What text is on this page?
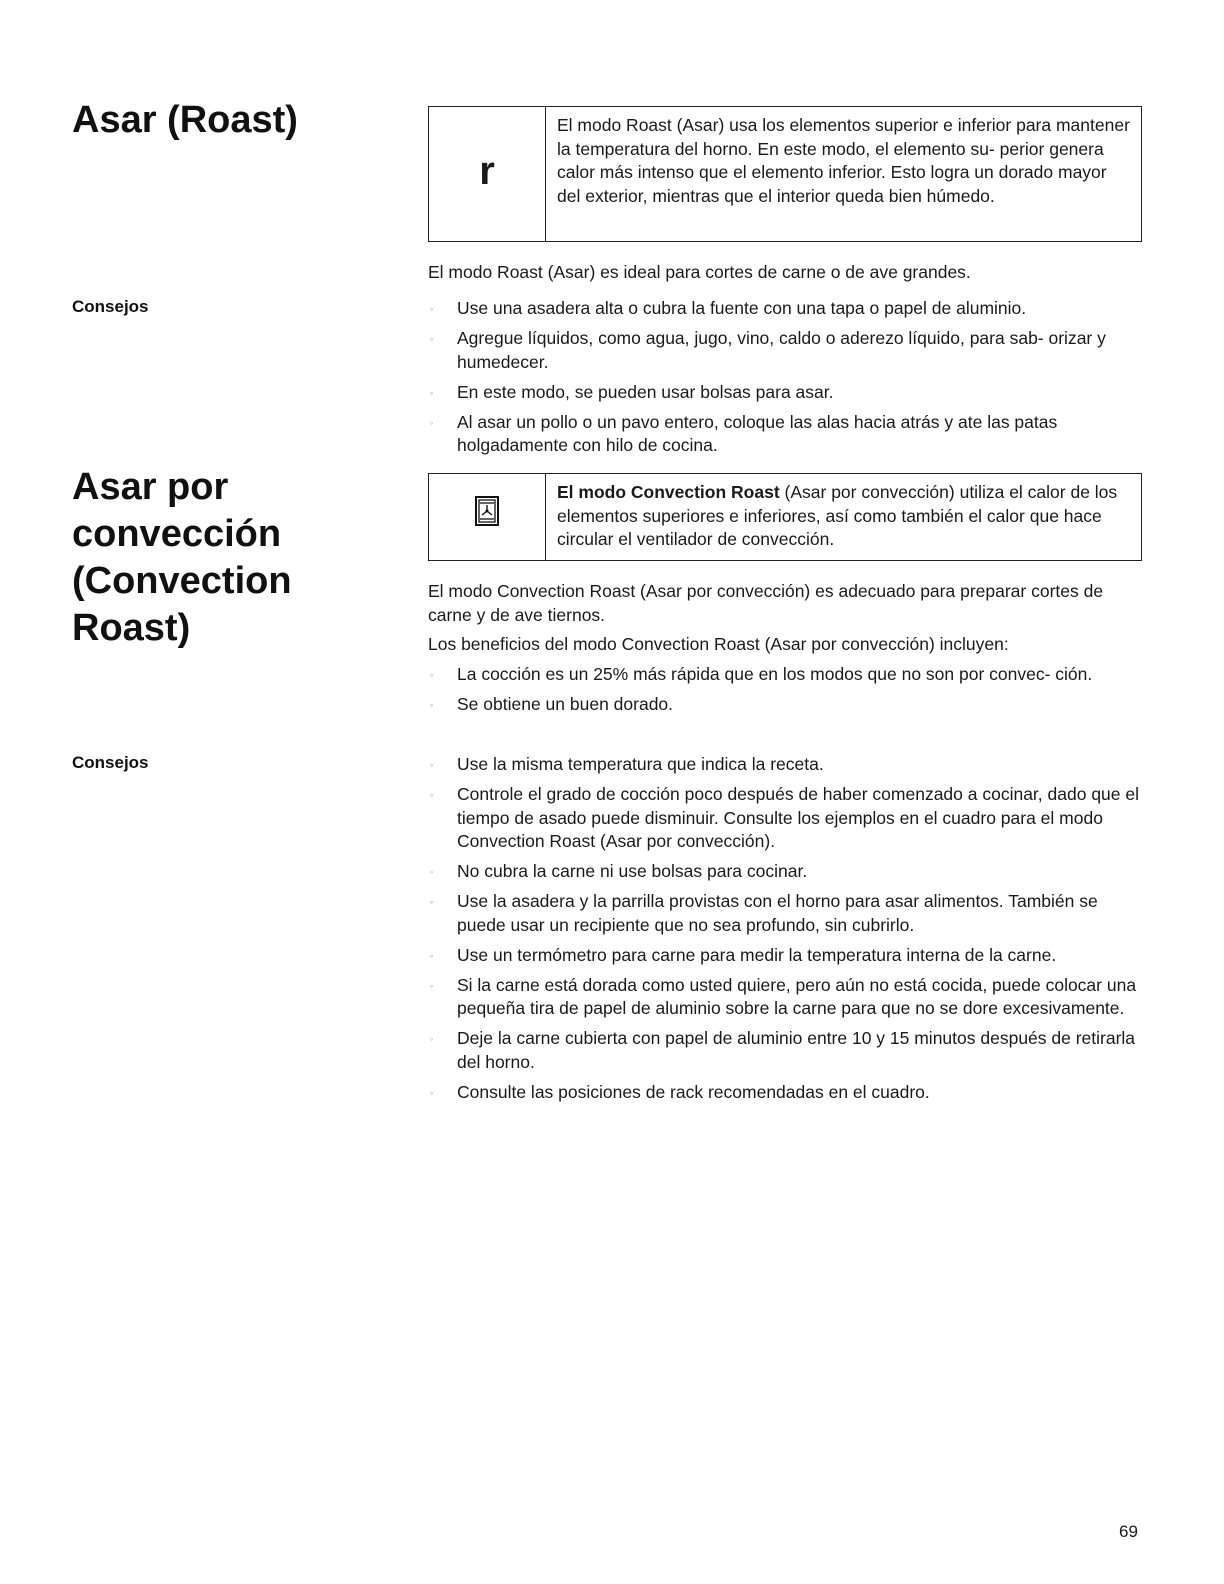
Asar (Roast)
r
El modo Roast (Asar) usa los elementos superior e inferior para mantener la temperatura del horno. En este modo, el elemento su- perior genera calor más intenso que el elemento inferior. Esto logra un dorado mayor del exterior, mientras que el interior queda bien húmedo.

El modo Roast (Asar) es ideal para cortes de carne o de ave grandes.

Consejos	◦ Use una asadera alta o cubra la fuente con una tapa o papel de aluminio.
◦ Agregue líquidos, como agua, jugo, vino, caldo o aderezo líquido, para sab- orizar y humedecer.
◦ En este modo, se pueden usar bolsas para asar.
◦ Al asar un pollo o un pavo entero, coloque las alas hacia atrás y ate las patas holgadamente con hilo de cocina.
Asar por convección (Convection Roast)
El modo Convection Roast (Asar por convección) utiliza el calor de los elementos superiores e inferiores, así como también el calor que hace circular el ventilador de convección.

El modo Convection Roast (Asar por convección) es adecuado para preparar cortes de carne y de ave tiernos.

Los beneficios del modo Convection Roast (Asar por convección) incluyen:

◦ La cocción es un 25% más rápida que en los modos que no son por convec- ción.
◦ Se obtiene un buen dorado.

Consejos	◦ Use la misma temperatura que indica la receta.
◦ Controle el grado de cocción poco después de haber comenzado a cocinar, dado que el tiempo de asado puede disminuir. Consulte los ejemplos en el cuadro para el modo Convection Roast (Asar por convección).
◦ No cubra la carne ni use bolsas para cocinar.
◦ Use la asadera y la parrilla provistas con el horno para asar alimentos. También se puede usar un recipiente que no sea profundo, sin cubrirlo.
◦ Use un termómetro para carne para medir la temperatura interna de la carne.
◦ Si la carne está dorada como usted quiere, pero aún no está cocida, puede colocar una pequeña tira de papel de aluminio sobre la carne para que no se dore excesivamente.
◦ Deje la carne cubierta con papel de aluminio entre 10 y 15 minutos después de retirarla del horno.
◦ Consulte las posiciones de rack recomendadas en el cuadro.

69
